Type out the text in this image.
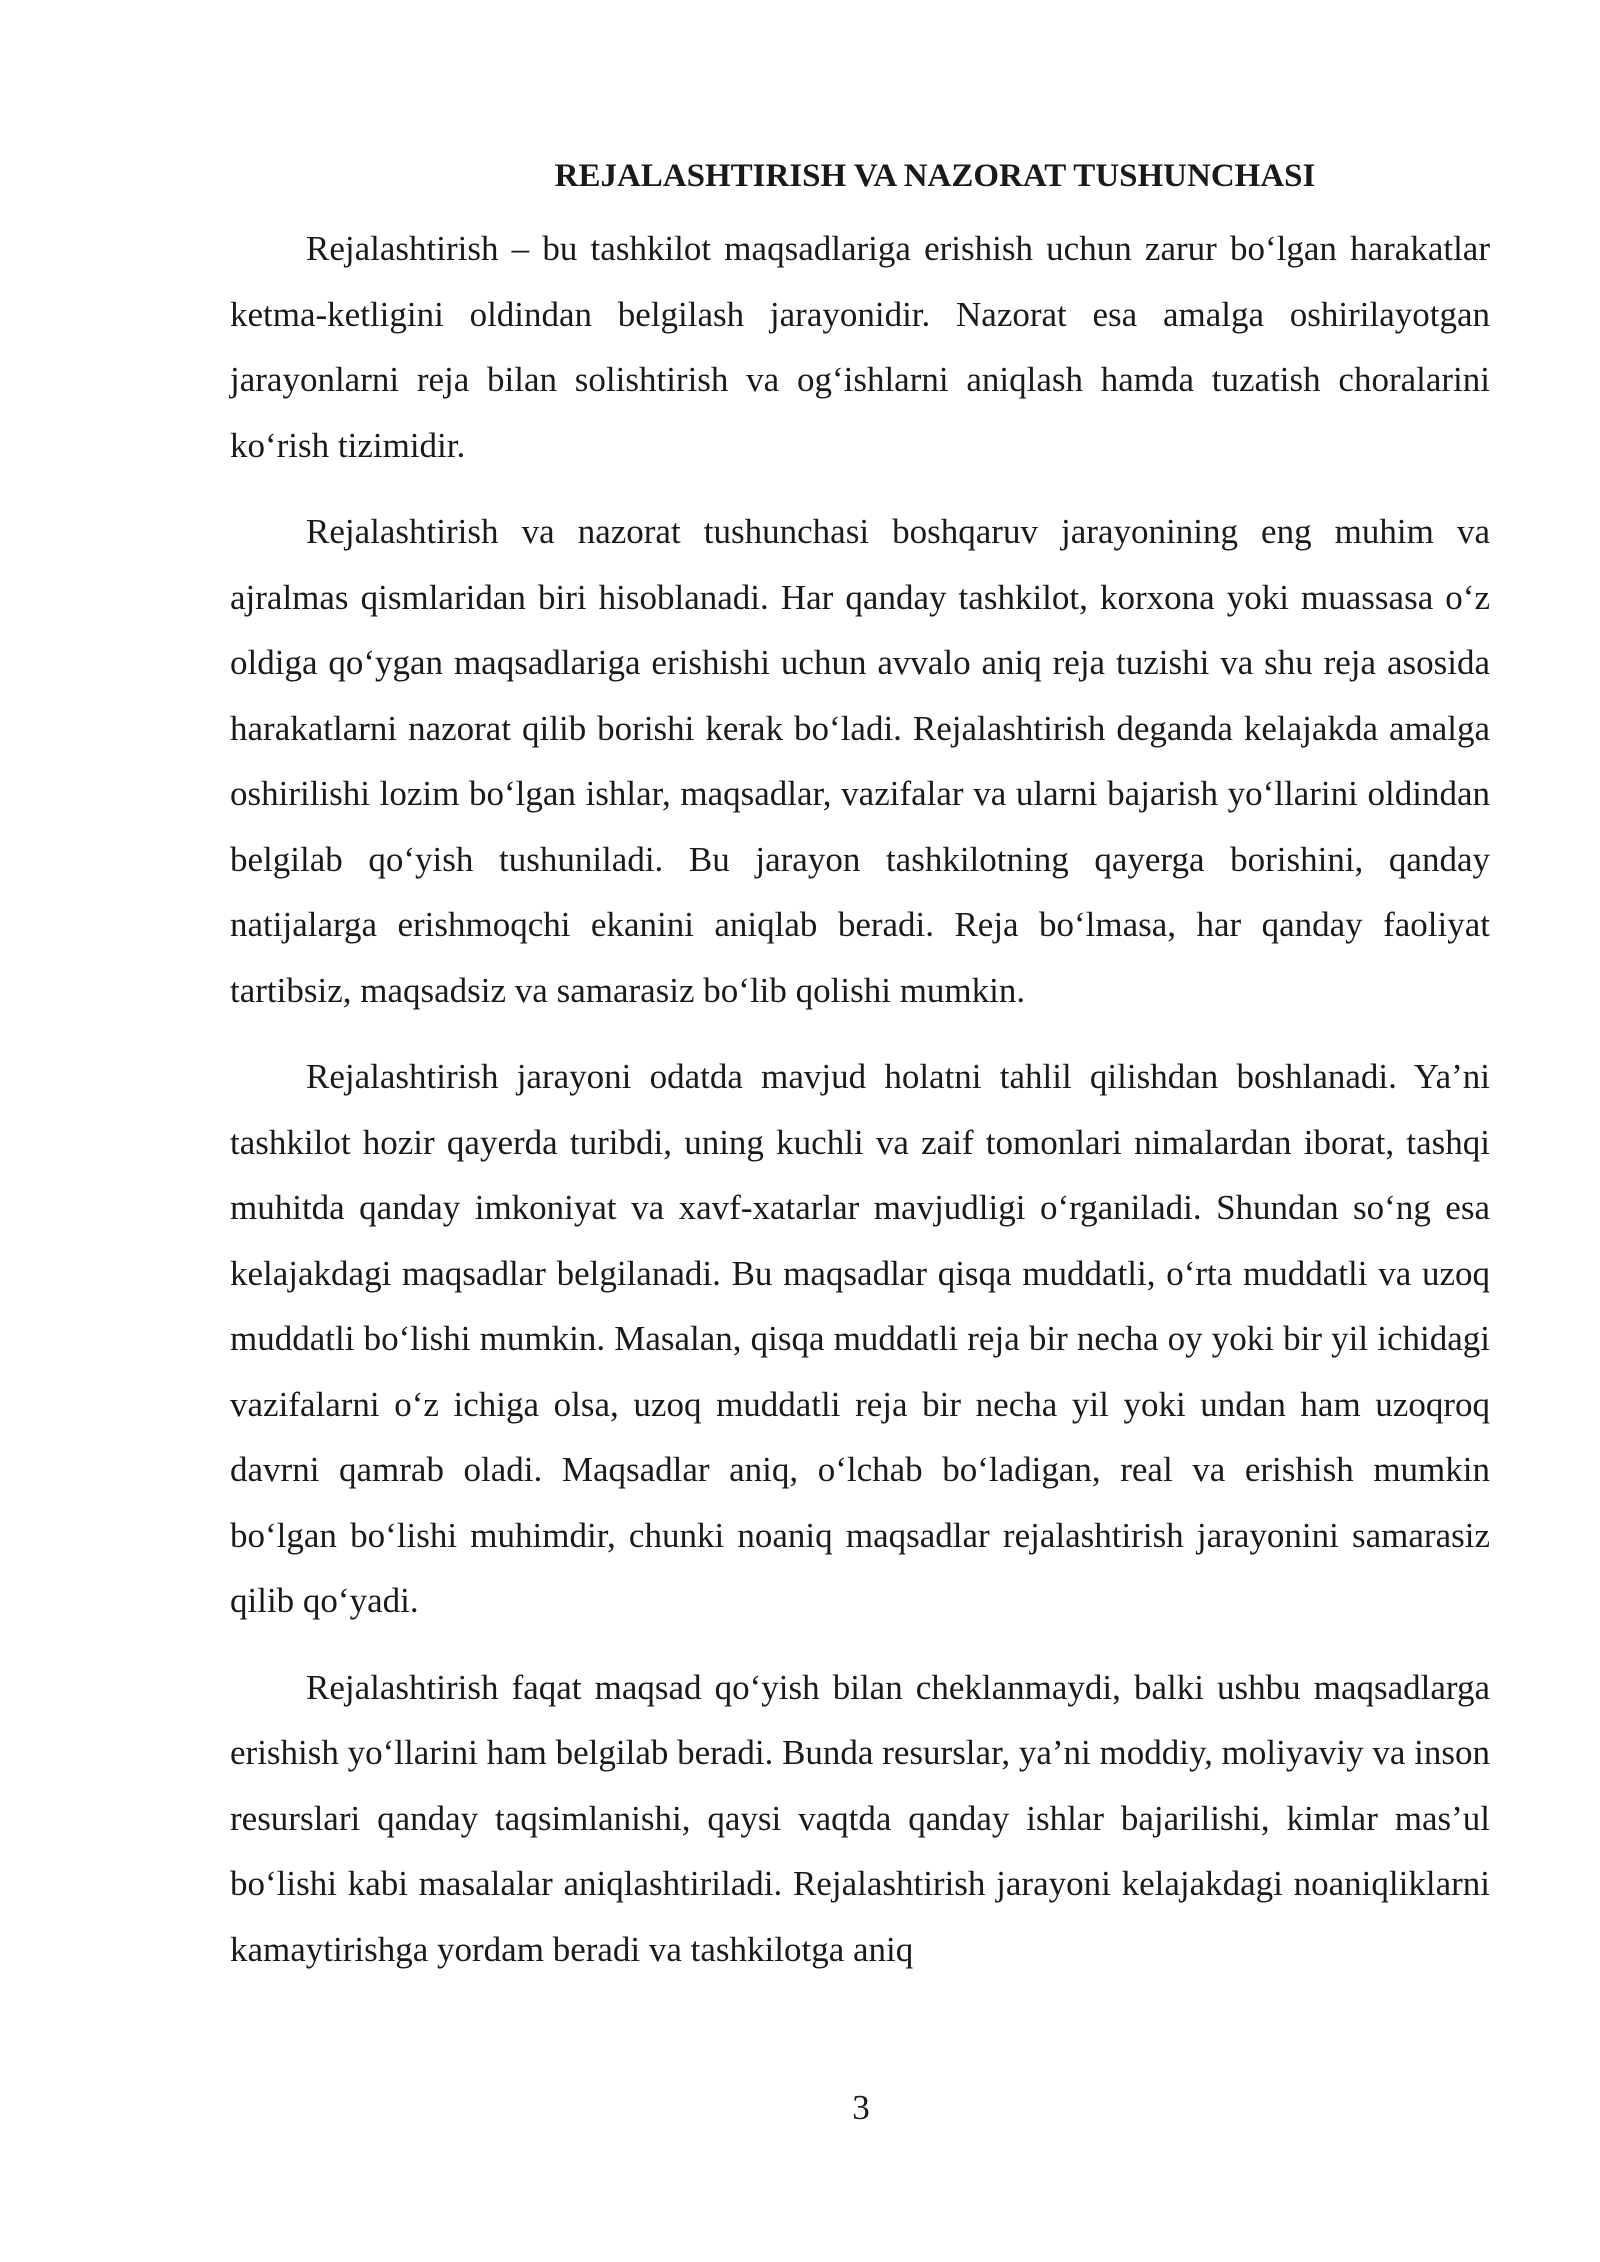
REJALASHTIRISH VA NAZORAT TUSHUNCHASI

Rejalashtirish – bu tashkilot maqsadlariga erishish uchun zarur bo‘lgan harakatlar ketma-ketligini oldindan belgilash jarayonidir. Nazorat esa amalga oshirilayotgan jarayonlarni reja bilan solishtirish va og‘ishlarni aniqlash hamda tuzatish choralarini ko‘rish tizimidir.

Rejalashtirish va nazorat tushunchasi boshqaruv jarayonining eng muhim va ajralmas qismlaridan biri hisoblanadi. Har qanday tashkilot, korxona yoki muassasa o‘z oldiga qo‘ygan maqsadlariga erishishi uchun avvalo aniq reja tuzishi va shu reja asosida harakatlarni nazorat qilib borishi kerak bo‘ladi. Rejalashtirish deganda kelajakda amalga oshirilishi lozim bo‘lgan ishlar, maqsadlar, vazifalar va ularni bajarish yo‘llarini oldindan belgilab qo‘yish tushuniladi. Bu jarayon tashkilotning qayerga borishini, qanday natijalarga erishmoqchi ekanini aniqlab beradi. Reja bo‘lmasa, har qanday faoliyat tartibsiz, maqsadsiz va samarasiz bo‘lib qolishi mumkin.

Rejalashtirish jarayoni odatda mavjud holatni tahlil qilishdan boshlanadi. Ya’ni tashkilot hozir qayerda turibdi, uning kuchli va zaif tomonlari nimalardan iborat, tashqi muhitda qanday imkoniyat va xavf-xatarlar mavjudligi o‘rganiladi. Shundan so‘ng esa kelajakdagi maqsadlar belgilanadi. Bu maqsadlar qisqa muddatli, o‘rta muddatli va uzoq muddatli bo‘lishi mumkin. Masalan, qisqa muddatli reja bir necha oy yoki bir yil ichidagi vazifalarni o‘z ichiga olsa, uzoq muddatli reja bir necha yil yoki undan ham uzoqroq davrni qamrab oladi. Maqsadlar aniq, o‘lchab bo‘ladigan, real va erishish mumkin bo‘lgan bo‘lishi muhimdir, chunki noaniq maqsadlar rejalashtirish jarayonini samarasiz qilib qo‘yadi.

Rejalashtirish faqat maqsad qo‘yish bilan cheklanmaydi, balki ushbu maqsadlarga erishish yo‘llarini ham belgilab beradi. Bunda resurslar, ya’ni moddiy, moliyaviy va inson resurslari qanday taqsimlanishi, qaysi vaqtda qanday ishlar bajarilishi, kimlar mas’ul bo‘lishi kabi masalalar aniqlashtiriladi. Rejalashtirish jarayoni kelajakdagi noaniqliklarni kamaytirishga yordam beradi va tashkilotga aniq

3
